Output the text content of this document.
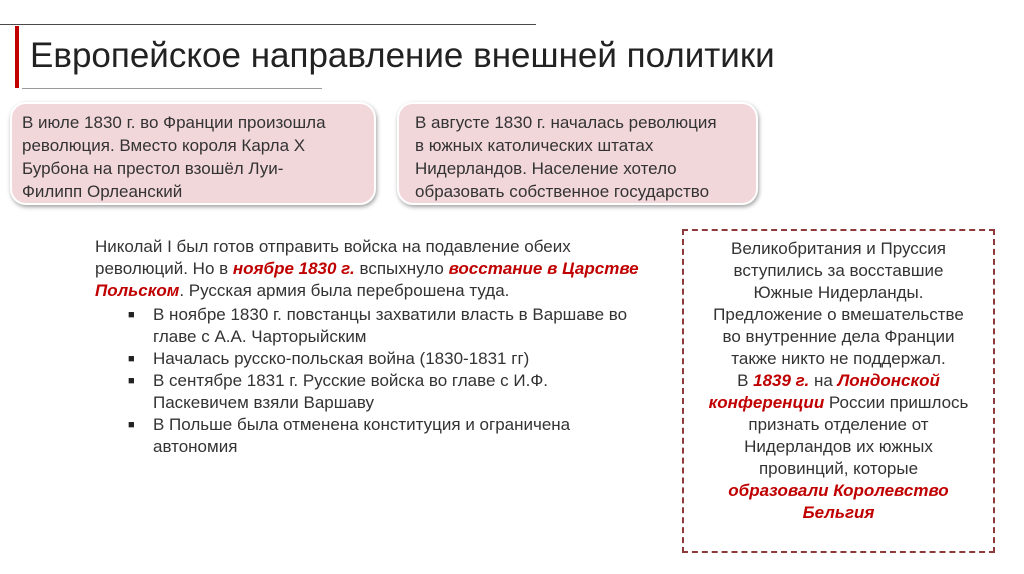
Европейское направление внешней политики
В июле 1830 г. во Франции произошла
революция. Вместо короля Карла Х
Бурбона на престол взошёл Луи-
Филипп Орлеанский
В августе 1830 г. началась революция
в южных католических штатах
Нидерландов. Население хотело
образовать собственное государство

Николай I был готов отправить войска на подавление обеих революций. Но в ноябре 1830 г. вспыхнуло восстание в Царстве Польском. Русская армия была переброшена туда.

■ В ноябре 1830 г. повстанцы захватили власть в Варшаве во главе с А.А. Чарторыйским
■ Началась русско-польская война (1830-1831 гг)
■ В сентябре 1831 г. Русские войска во главе с И.Ф. Паскевичем взяли Варшаву
■ В Польше была отменена конституция и ограничена автономия
Великобритания и Пруссия
вступились за восставшие
Южные Нидерланды.
Предложение о вмешательстве
во внутренние дела Франции
также никто не поддержал.
В 1839 г. на Лондонской
конференции России пришлось
признать отделение от
Нидерландов их южных
провинций, которые
образовали Королевство
Бельгия
